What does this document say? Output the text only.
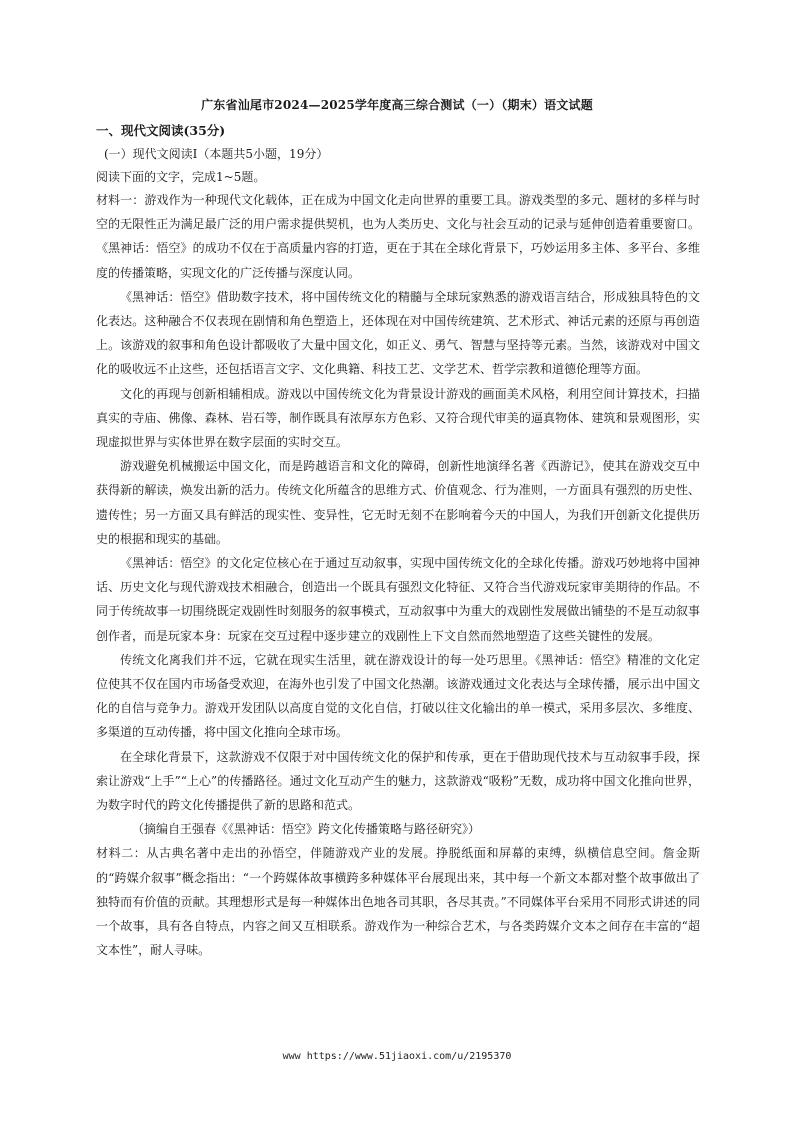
广东省汕尾市2024—2025学年度高三综合测试（一）（期末）语文试题
一、现代文阅读(35分)
(一）现代文阅读Ⅰ（本题共5小题，19分）
阅读下面的文字，完成1~5题。

材料一：游戏作为一种现代文化载体，正在成为中国文化走向世界的重要工具。游戏类型的多元、题材的多样与时空的无限性正为满足最广泛的用户需求提供契机，也为人类历史、文化与社会互动的记录与延伸创造着重要窗口。《黑神话：悟空》的成功不仅在于高质量内容的打造，更在于其在全球化背景下，巧妙运用多主体、多平台、多维度的传播策略，实现文化的广泛传播与深度认同。

《黑神话：悟空》借助数字技术，将中国传统文化的精髓与全球玩家熟悉的游戏语言结合，形成独具特色的文化表达。这种融合不仅表现在剧情和角色塑造上，还体现在对中国传统建筑、艺术形式、神话元素的还原与再创造上。该游戏的叙事和角色设计都吸收了大量中国文化，如正义、勇气、智慧与坚持等元素。当然，该游戏对中国文化的吸收远不止这些，还包括语言文字、文化典籍、科技工艺、文学艺术、哲学宗教和道德伦理等方面。

文化的再现与创新相辅相成。游戏以中国传统文化为背景设计游戏的画面美术风格，利用空间计算技术，扫描真实的寺庙、佛像、森林、岩石等，制作既具有浓厚东方色彩、又符合现代审美的逼真物体、建筑和景观图形，实现虚拟世界与实体世界在数字层面的实时交互。

游戏避免机械搬运中国文化，而是跨越语言和文化的障碍，创新性地演绎名著《西游记》，使其在游戏交互中获得新的解读，焕发出新的活力。传统文化所蕴含的思维方式、价值观念、行为准则，一方面具有强烈的历史性、遗传性；另一方面又具有鲜活的现实性、变异性，它无时无刻不在影响着今天的中国人，为我们开创新文化提供历史的根据和现实的基础。

《黑神话：悟空》的文化定位核心在于通过互动叙事，实现中国传统文化的全球化传播。游戏巧妙地将中国神话、历史文化与现代游戏技术相融合，创造出一个既具有强烈文化特征、又符合当代游戏玩家审美期待的作品。不同于传统故事一切围绕既定戏剧性时刻服务的叙事模式，互动叙事中为重大的戏剧性发展做出铺垫的不是互动叙事创作者，而是玩家本身：玩家在交互过程中逐步建立的戏剧性上下文自然而然地塑造了这些关键性的发展。

传统文化离我们并不远，它就在现实生活里，就在游戏设计的每一处巧思里。《黑神话：悟空》精准的文化定位使其不仅在国内市场备受欢迎，在海外也引发了中国文化热潮。该游戏通过文化表达与全球传播，展示出中国文化的自信与竞争力。游戏开发团队以高度自觉的文化自信，打破以往文化输出的单一模式，采用多层次、多维度、多渠道的互动传播，将中国文化推向全球市场。

在全球化背景下，这款游戏不仅限于对中国传统文化的保护和传承，更在于借助现代技术与互动叙事手段，探索让游戏“上手”“上心”的传播路径。通过文化互动产生的魅力，这款游戏“吸粉”无数，成功将中国文化推向世界，为数字时代的跨文化传播提供了新的思路和范式。

（摘编自王强春《《黑神话：悟空》跨文化传播策略与路径研究》）

材料二：从古典名著中走出的孙悟空，伴随游戏产业的发展。挣脱纸面和屏幕的束缚，纵横信息空间。詹金斯的“跨媒介叙事”概念指出：“一个跨媒体故事横跨多种媒体平台展现出来，其中每一个新文本都对整个故事做出了独特而有价值的贡献。其理想形式是每一种媒体出色地各司其职，各尽其责。”不同媒体平台采用不同形式讲述的同一个故事，具有各自特点，内容之间又互相联系。游戏作为一种综合艺术，与各类跨媒介文本之间存在丰富的“超文本性”，耐人寻味。

www https://www.51jiaoxi.com/u/2195370
